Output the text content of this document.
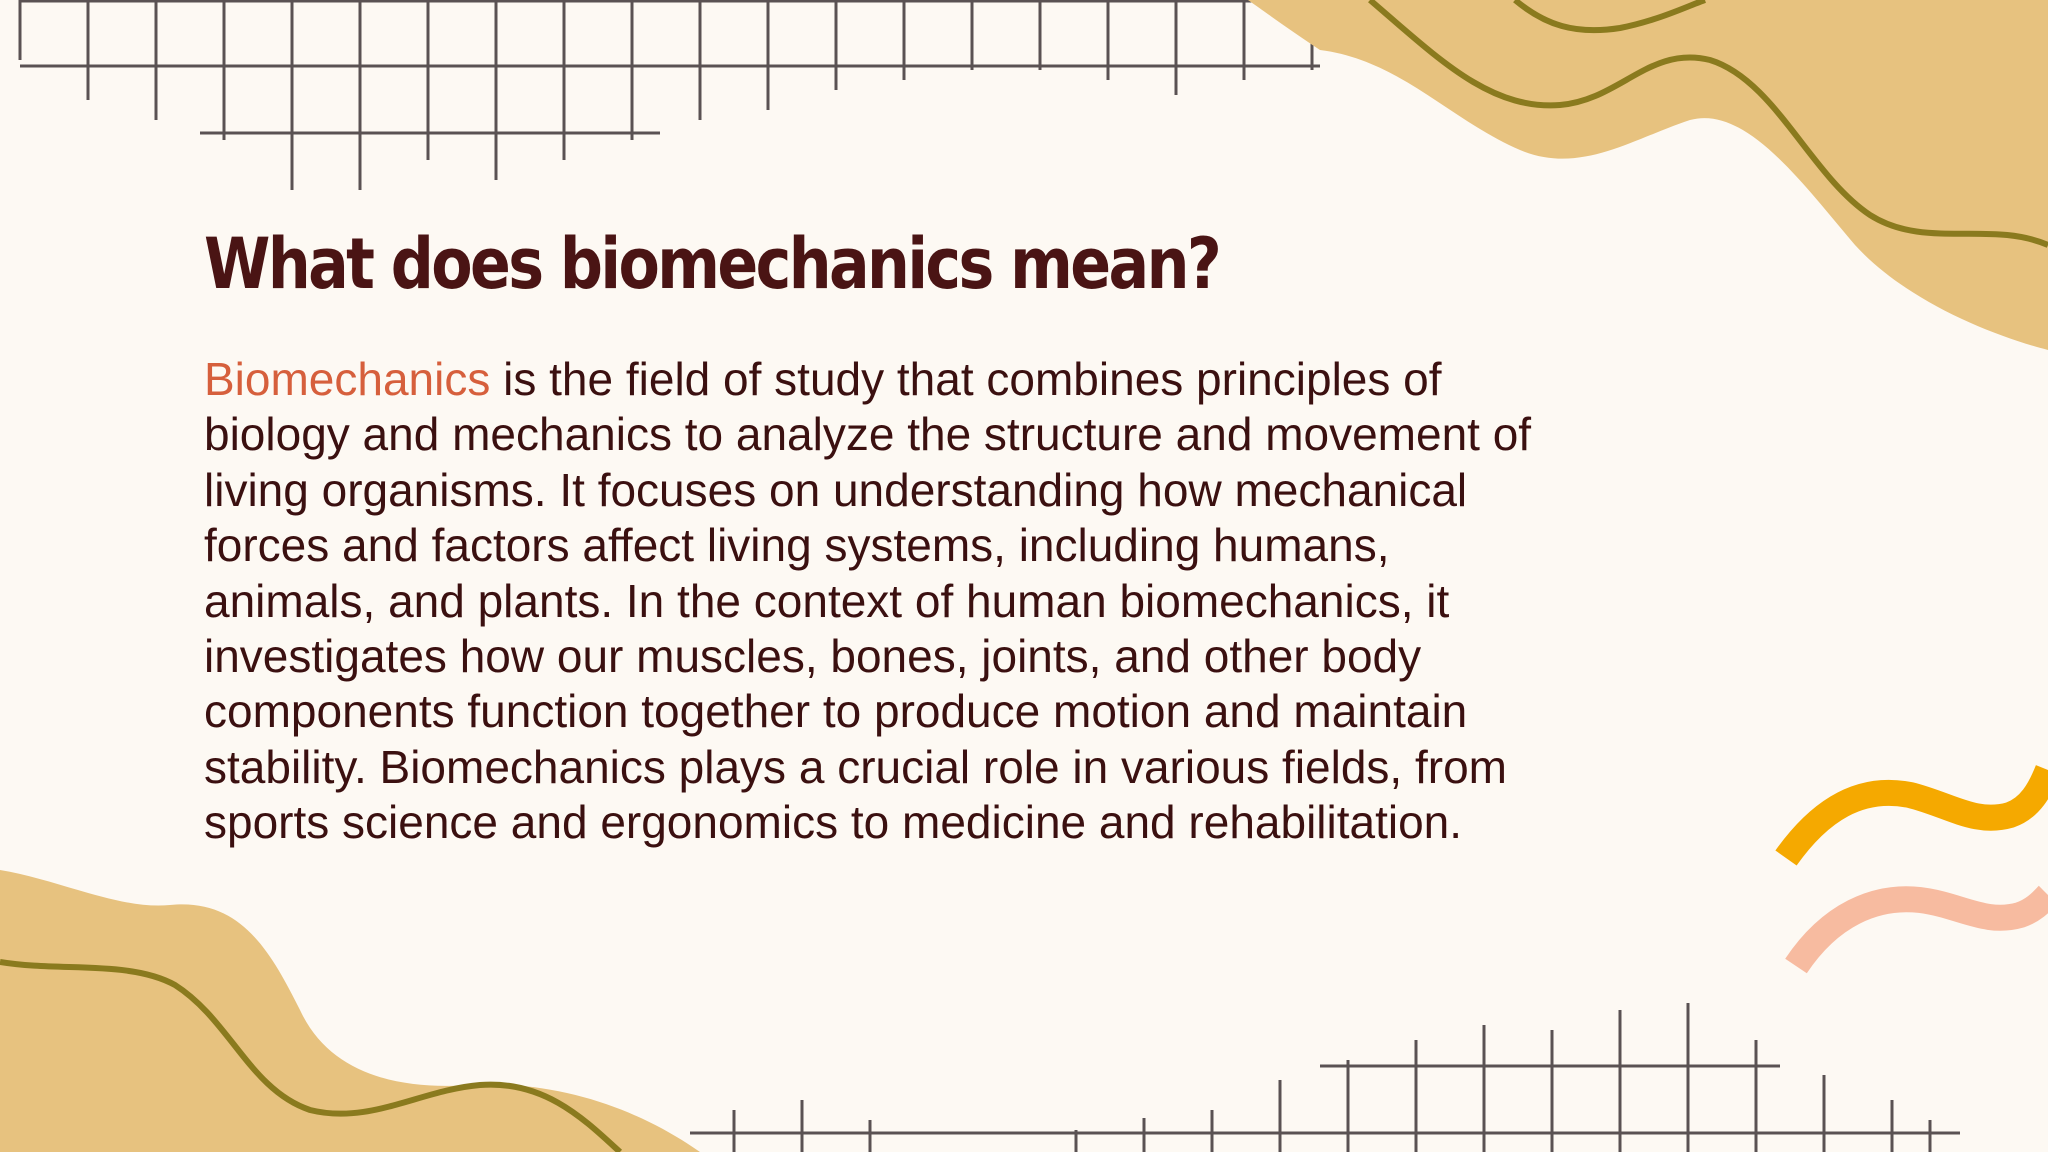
What does biomechanics mean?
Biomechanics is the field of study that combines principles of
biology and mechanics to analyze the structure and movement of
living organisms. It focuses on understanding how mechanical
forces and factors affect living systems, including humans,
animals, and plants. In the context of human biomechanics, it
investigates how our muscles, bones, joints, and other body
components function together to produce motion and maintain
stability. Biomechanics plays a crucial role in various fields, from
sports science and ergonomics to medicine and rehabilitation.
